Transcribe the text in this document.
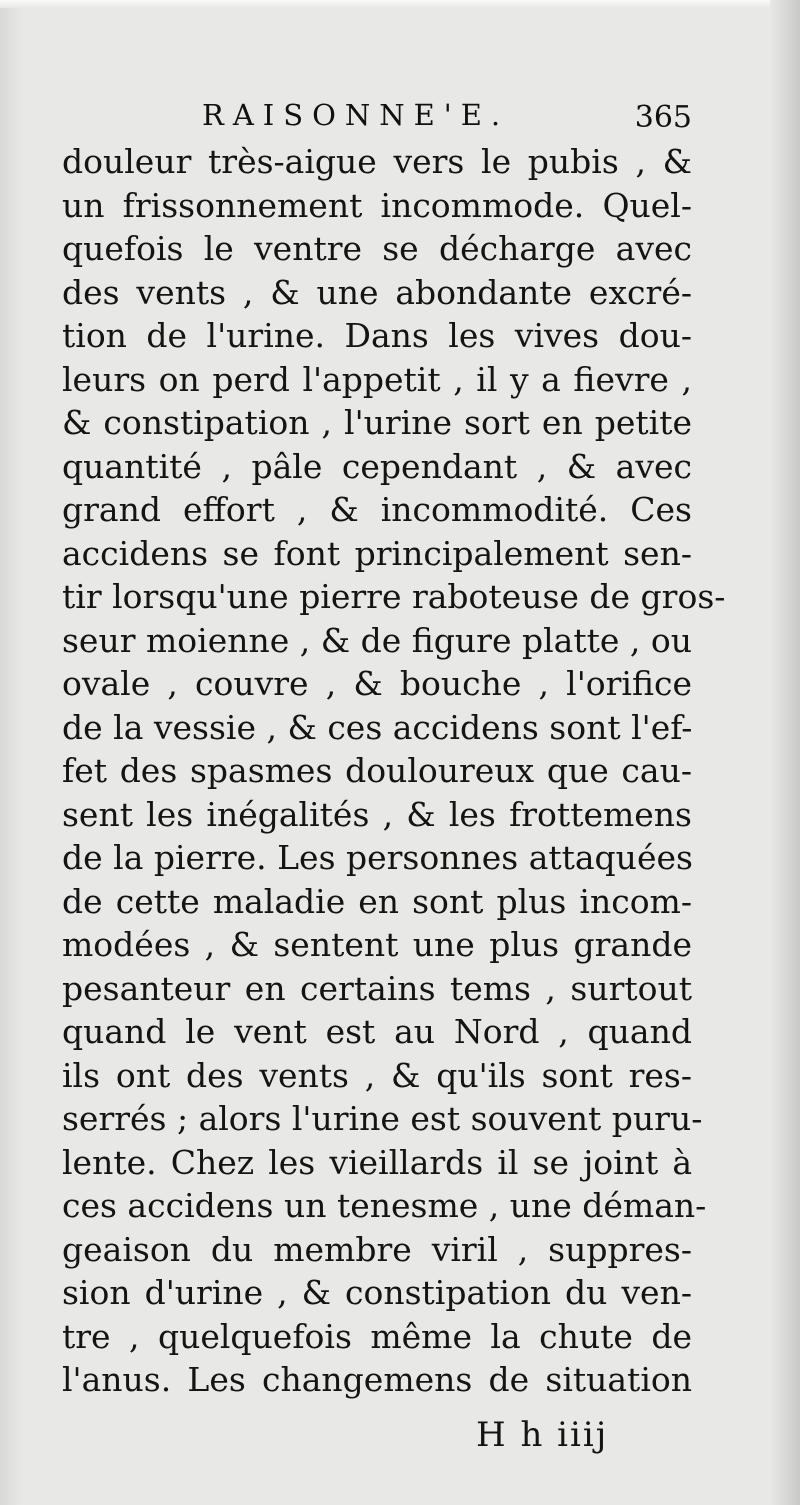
RAISONNE'E.	365
douleur très-aigue vers le pubis , &
un frissonnement incommode. Quel-
quefois le ventre se décharge avec
des vents , & une abondante excré-
tion de l'urine. Dans les vives dou-
leurs on perd l'appetit , il y a fievre ,
& constipation , l'urine sort en petite
quantité , pâle cependant , & avec
grand effort , & incommodité. Ces
accidens se font principalement sen-
tir lorsqu'une pierre raboteuse de gros-
seur moienne , & de figure platte , ou
ovale , couvre , & bouche , l'orifice
de la vessie , & ces accidens sont l'ef-
fet des spasmes douloureux que cau-
sent les inégalités , & les frottemens
de la pierre. Les personnes attaquées
de cette maladie en sont plus incom-
modées , & sentent une plus grande
pesanteur en certains tems , surtout
quand le vent est au Nord , quand
ils ont des vents , & qu'ils sont res-
serrés ; alors l'urine est souvent puru-
lente. Chez les vieillards il se joint à
ces accidens un tenesme , une déman-
geaison du membre viril , suppres-
sion d'urine , & constipation du ven-
tre , quelquefois même la chute de
l'anus. Les changemens de situation
H h iiij
